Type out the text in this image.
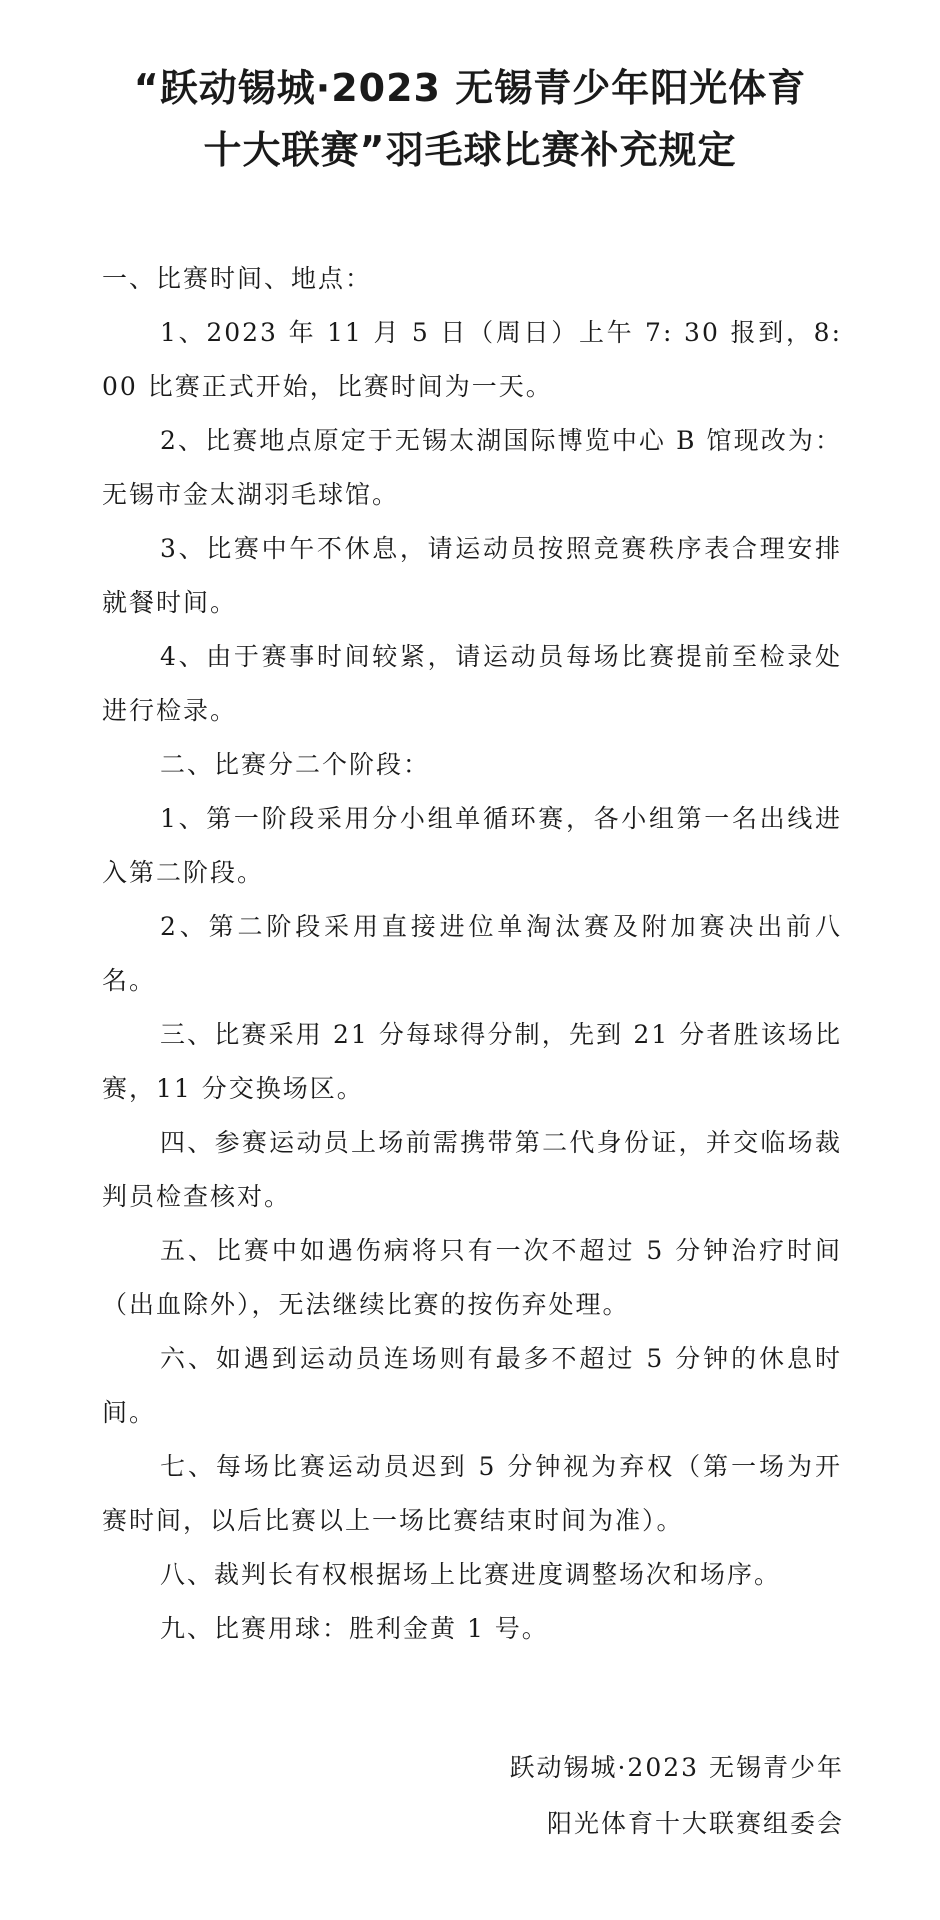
“跃动锡城·2023 无锡青少年阳光体育
十大联赛”羽毛球比赛补充规定

一、比赛时间、地点：

1、2023 年 11 月 5 日（周日）上午 7: 30 报到，8: 00 比赛正式开始，比赛时间为一天。

2、比赛地点原定于无锡太湖国际博览中心 B 馆现改为：无锡市金太湖羽毛球馆。

3、比赛中午不休息，请运动员按照竞赛秩序表合理安排就餐时间。

4、由于赛事时间较紧，请运动员每场比赛提前至检录处进行检录。

二、比赛分二个阶段：

1、第一阶段采用分小组单循环赛，各小组第一名出线进入第二阶段。

2、第二阶段采用直接进位单淘汰赛及附加赛决出前八名。

三、比赛采用 21 分每球得分制，先到 21 分者胜该场比赛，11 分交换场区。

四、参赛运动员上场前需携带第二代身份证，并交临场裁判员检查核对。

五、比赛中如遇伤病将只有一次不超过 5 分钟治疗时间（出血除外），无法继续比赛的按伤弃处理。

六、如遇到运动员连场则有最多不超过 5 分钟的休息时间。

七、每场比赛运动员迟到 5 分钟视为弃权（第一场为开赛时间，以后比赛以上一场比赛结束时间为准）。

八、裁判长有权根据场上比赛进度调整场次和场序。

九、比赛用球：胜利金黄 1 号。

跃动锡城·2023 无锡青少年
阳光体育十大联赛组委会
